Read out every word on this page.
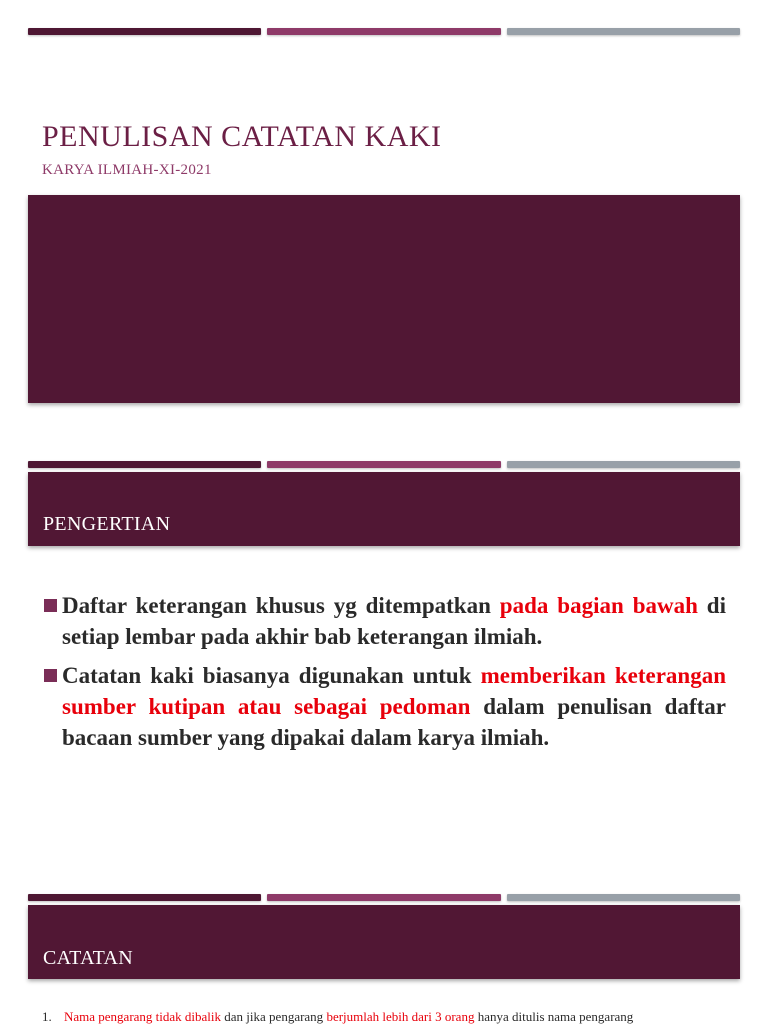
PENULISAN CATATAN KAKI
KARYA ILMIAH-XI-2021
PENGERTIAN
Daftar keterangan khusus yg ditempatkan pada bagian bawah di setiap lembar pada akhir bab keterangan ilmiah.
Catatan kaki biasanya digunakan untuk memberikan keterangan sumber kutipan atau sebagai pedoman dalam penulisan daftar bacaan sumber yang dipakai dalam karya ilmiah.
CATATAN

1. Nama pengarang tidak dibalik dan jika pengarang berjumlah lebih dari 3 orang hanya ditulis nama pengarang
